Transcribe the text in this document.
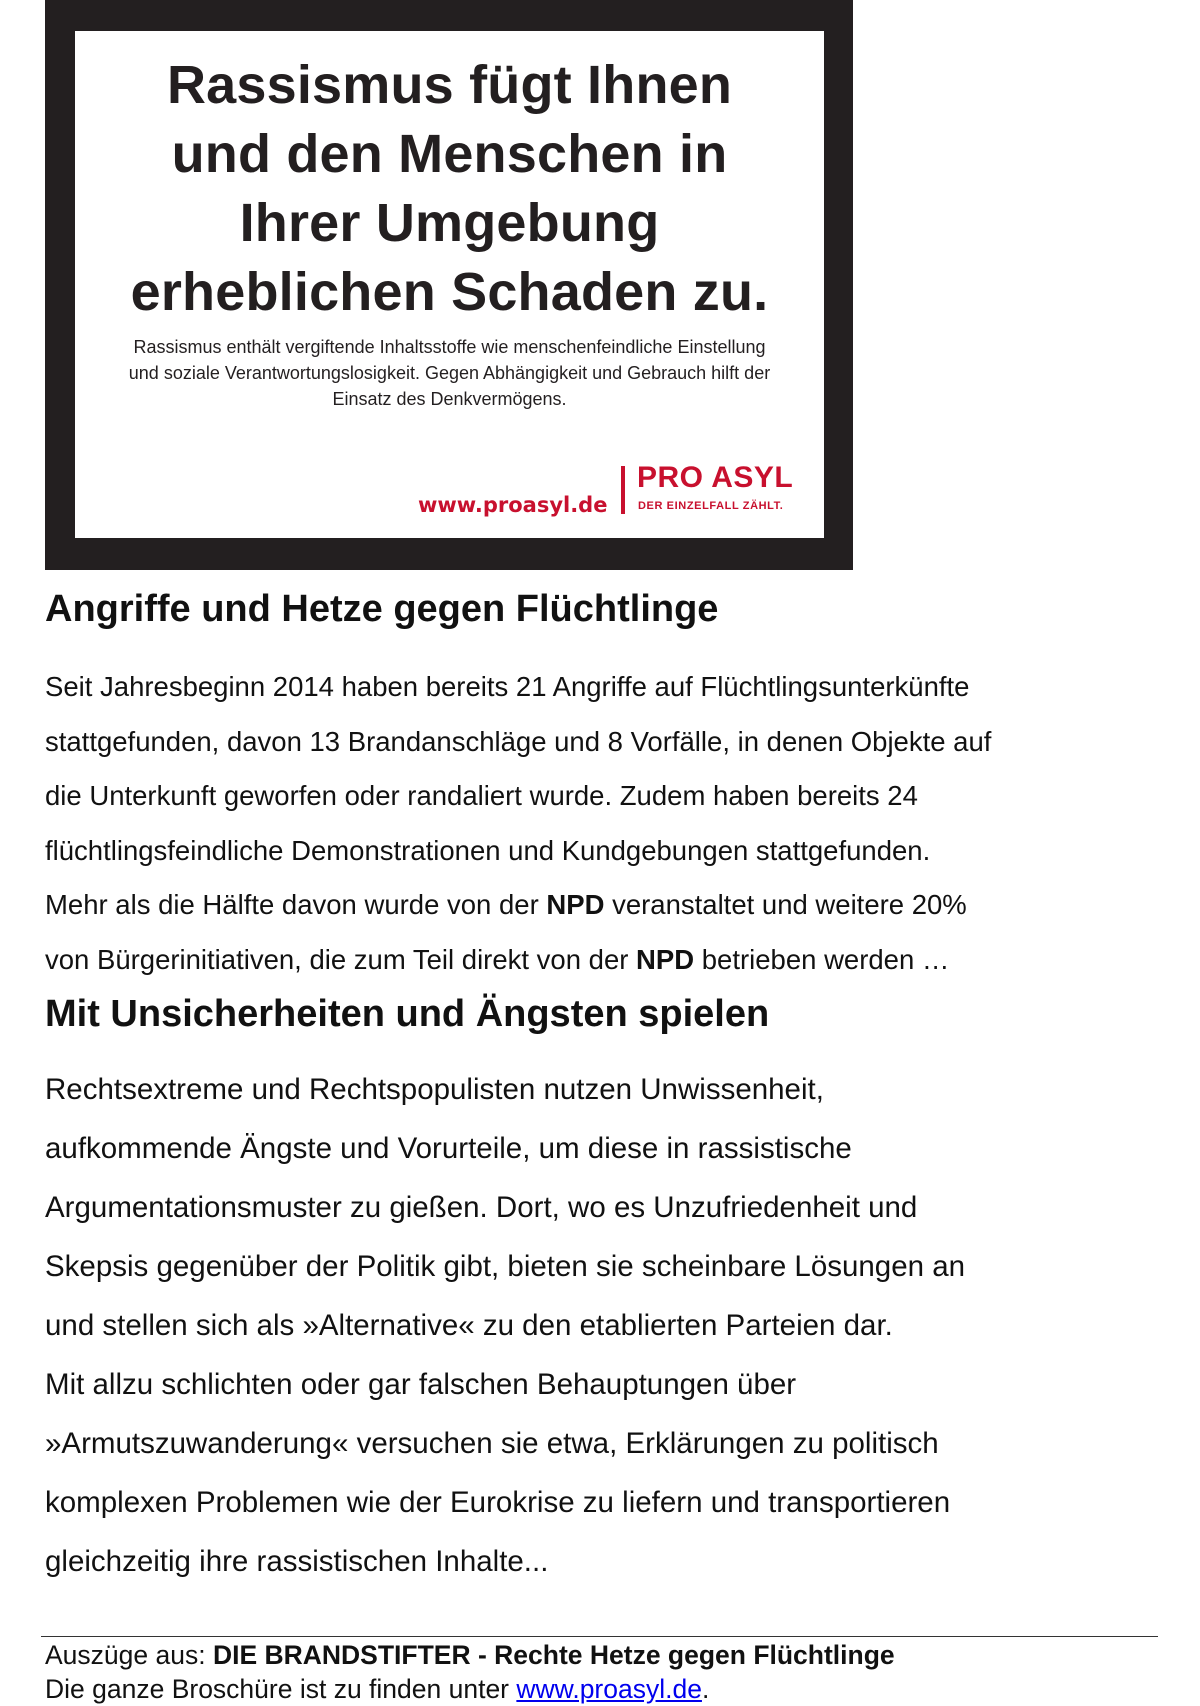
Rassismus fügt Ihnen
und den Menschen in
Ihrer Umgebung
erheblichen Schaden zu.

Rassismus enthält vergiftende Inhaltsstoffe wie menschenfeindliche Einstellung
und soziale Verantwortungslosigkeit. Gegen Abhängigkeit und Gebrauch hilft der
Einsatz des Denkvermögens.

www.proasyl.de
PRO ASYL
DER EINZELFALL ZÄHLT.
Angriffe und Hetze gegen Flüchtlinge

Seit Jahresbeginn 2014 haben bereits 21 Angriffe auf Flüchtlingsunterkünfte
stattgefunden, davon 13 Brandanschläge und 8 Vorfälle, in denen Objekte auf
die Unterkunft geworfen oder randaliert wurde. Zudem haben bereits 24
flüchtlingsfeindliche Demonstrationen und Kundgebungen stattgefunden.
Mehr als die Hälfte davon wurde von der NPD veranstaltet und weitere 20%
von Bürgerinitiativen, die zum Teil direkt von der NPD betrieben werden …

Mit Unsicherheiten und Ängsten spielen

Rechtsextreme und Rechtspopulisten nutzen Unwissenheit,
aufkommende Ängste und Vorurteile, um diese in rassistische
Argumentationsmuster zu gießen. Dort, wo es Unzufriedenheit und
Skepsis gegenüber der Politik gibt, bieten sie scheinbare Lösungen an
und stellen sich als »Alternative« zu den etablierten Parteien dar.
Mit allzu schlichten oder gar falschen Behauptungen über
»Armutszuwanderung« versuchen sie etwa, Erklärungen zu politisch
komplexen Problemen wie der Eurokrise zu liefern und transportieren
gleichzeitig ihre rassistischen Inhalte...

Auszüge aus: DIE BRANDSTIFTER - Rechte Hetze gegen Flüchtlinge
Die ganze Broschüre ist zu finden unter www.proasyl.de.
